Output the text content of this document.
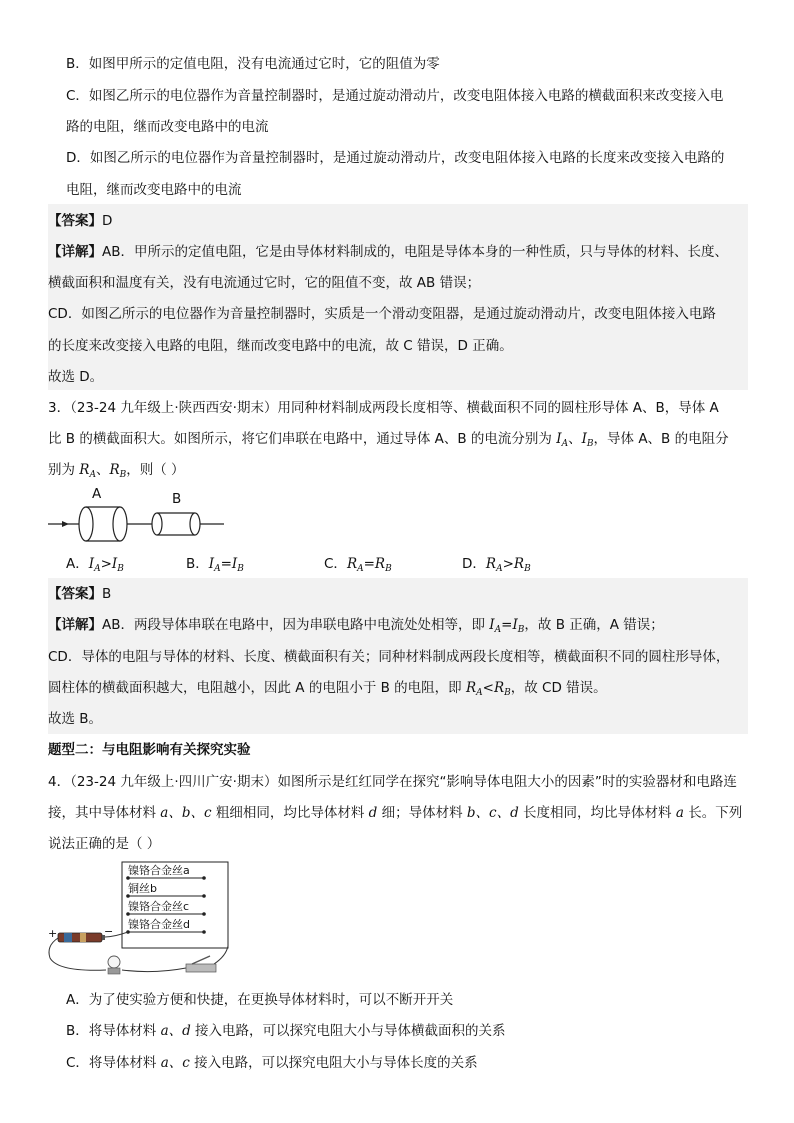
B．如图甲所示的定值电阻，没有电流通过它时，它的阻值为零
C．如图乙所示的电位器作为音量控制器时，是通过旋动滑动片，改变电阻体接入电路的横截面积来改变接入电
路的电阻，继而改变电路中的电流
D．如图乙所示的电位器作为音量控制器时，是通过旋动滑动片，改变电阻体接入电路的长度来改变接入电路的
电阻，继而改变电路中的电流
【答案】D
【详解】AB．甲所示的定值电阻，它是由导体材料制成的，电阻是导体本身的一种性质，只与导体的材料、长度、
横截面积和温度有关，没有电流通过它时，它的阻值不变，故 AB 错误；
CD．如图乙所示的电位器作为音量控制器时，实质是一个滑动变阻器，是通过旋动滑动片，改变电阻体接入电路
的长度来改变接入电路的电阻，继而改变电路中的电流，故 C 错误，D 正确。
故选 D。
3．（23-24 九年级上·陕西西安·期末）用同种材料制成两段长度相等、横截面积不同的圆柱形导体 A、B，导体 A
比 B 的横截面积大。如图所示，将它们串联在电路中，通过导体 A、B 的电流分别为 $I_A$、$I_B$，导体 A、B 的电阻分
别为 $R_A$、$R_B$，则（ ）
A	B
A．$I_A>I_B$	B．$I_A=I_B$	C．$R_A=R_B$	D．$R_A>R_B$
【答案】B
【详解】AB．两段导体串联在电路中，因为串联电路中电流处处相等，即 $I_A=I_B$，故 B 正确，A 错误；
CD．导体的电阻与导体的材料、长度、横截面积有关；同种材料制成两段长度相等，横截面积不同的圆柱形导体，
圆柱体的横截面积越大，电阻越小，因此 A 的电阻小于 B 的电阻，即 $R_A<R_B$，故 CD 错误。
故选 B。
题型二：与电阻影响有关探究实验
4．（23-24 九年级上·四川广安·期末）如图所示是红红同学在探究“影响导体电阻大小的因素”时的实验器材和电路连
接，其中导体材料 a、b、c 粗细相同，均比导体材料 d 细；导体材料 b、c、d 长度相同，均比导体材料 a 长。下列
说法正确的是（ ）
+	−
镍铬合金丝a
铜丝b
镍铬合金丝c
镍铬合金丝d
A．为了使实验方便和快捷，在更换导体材料时，可以不断开开关
B．将导体材料 a、d 接入电路，可以探究电阻大小与导体横截面积的关系
C．将导体材料 a、c 接入电路，可以探究电阻大小与导体长度的关系
